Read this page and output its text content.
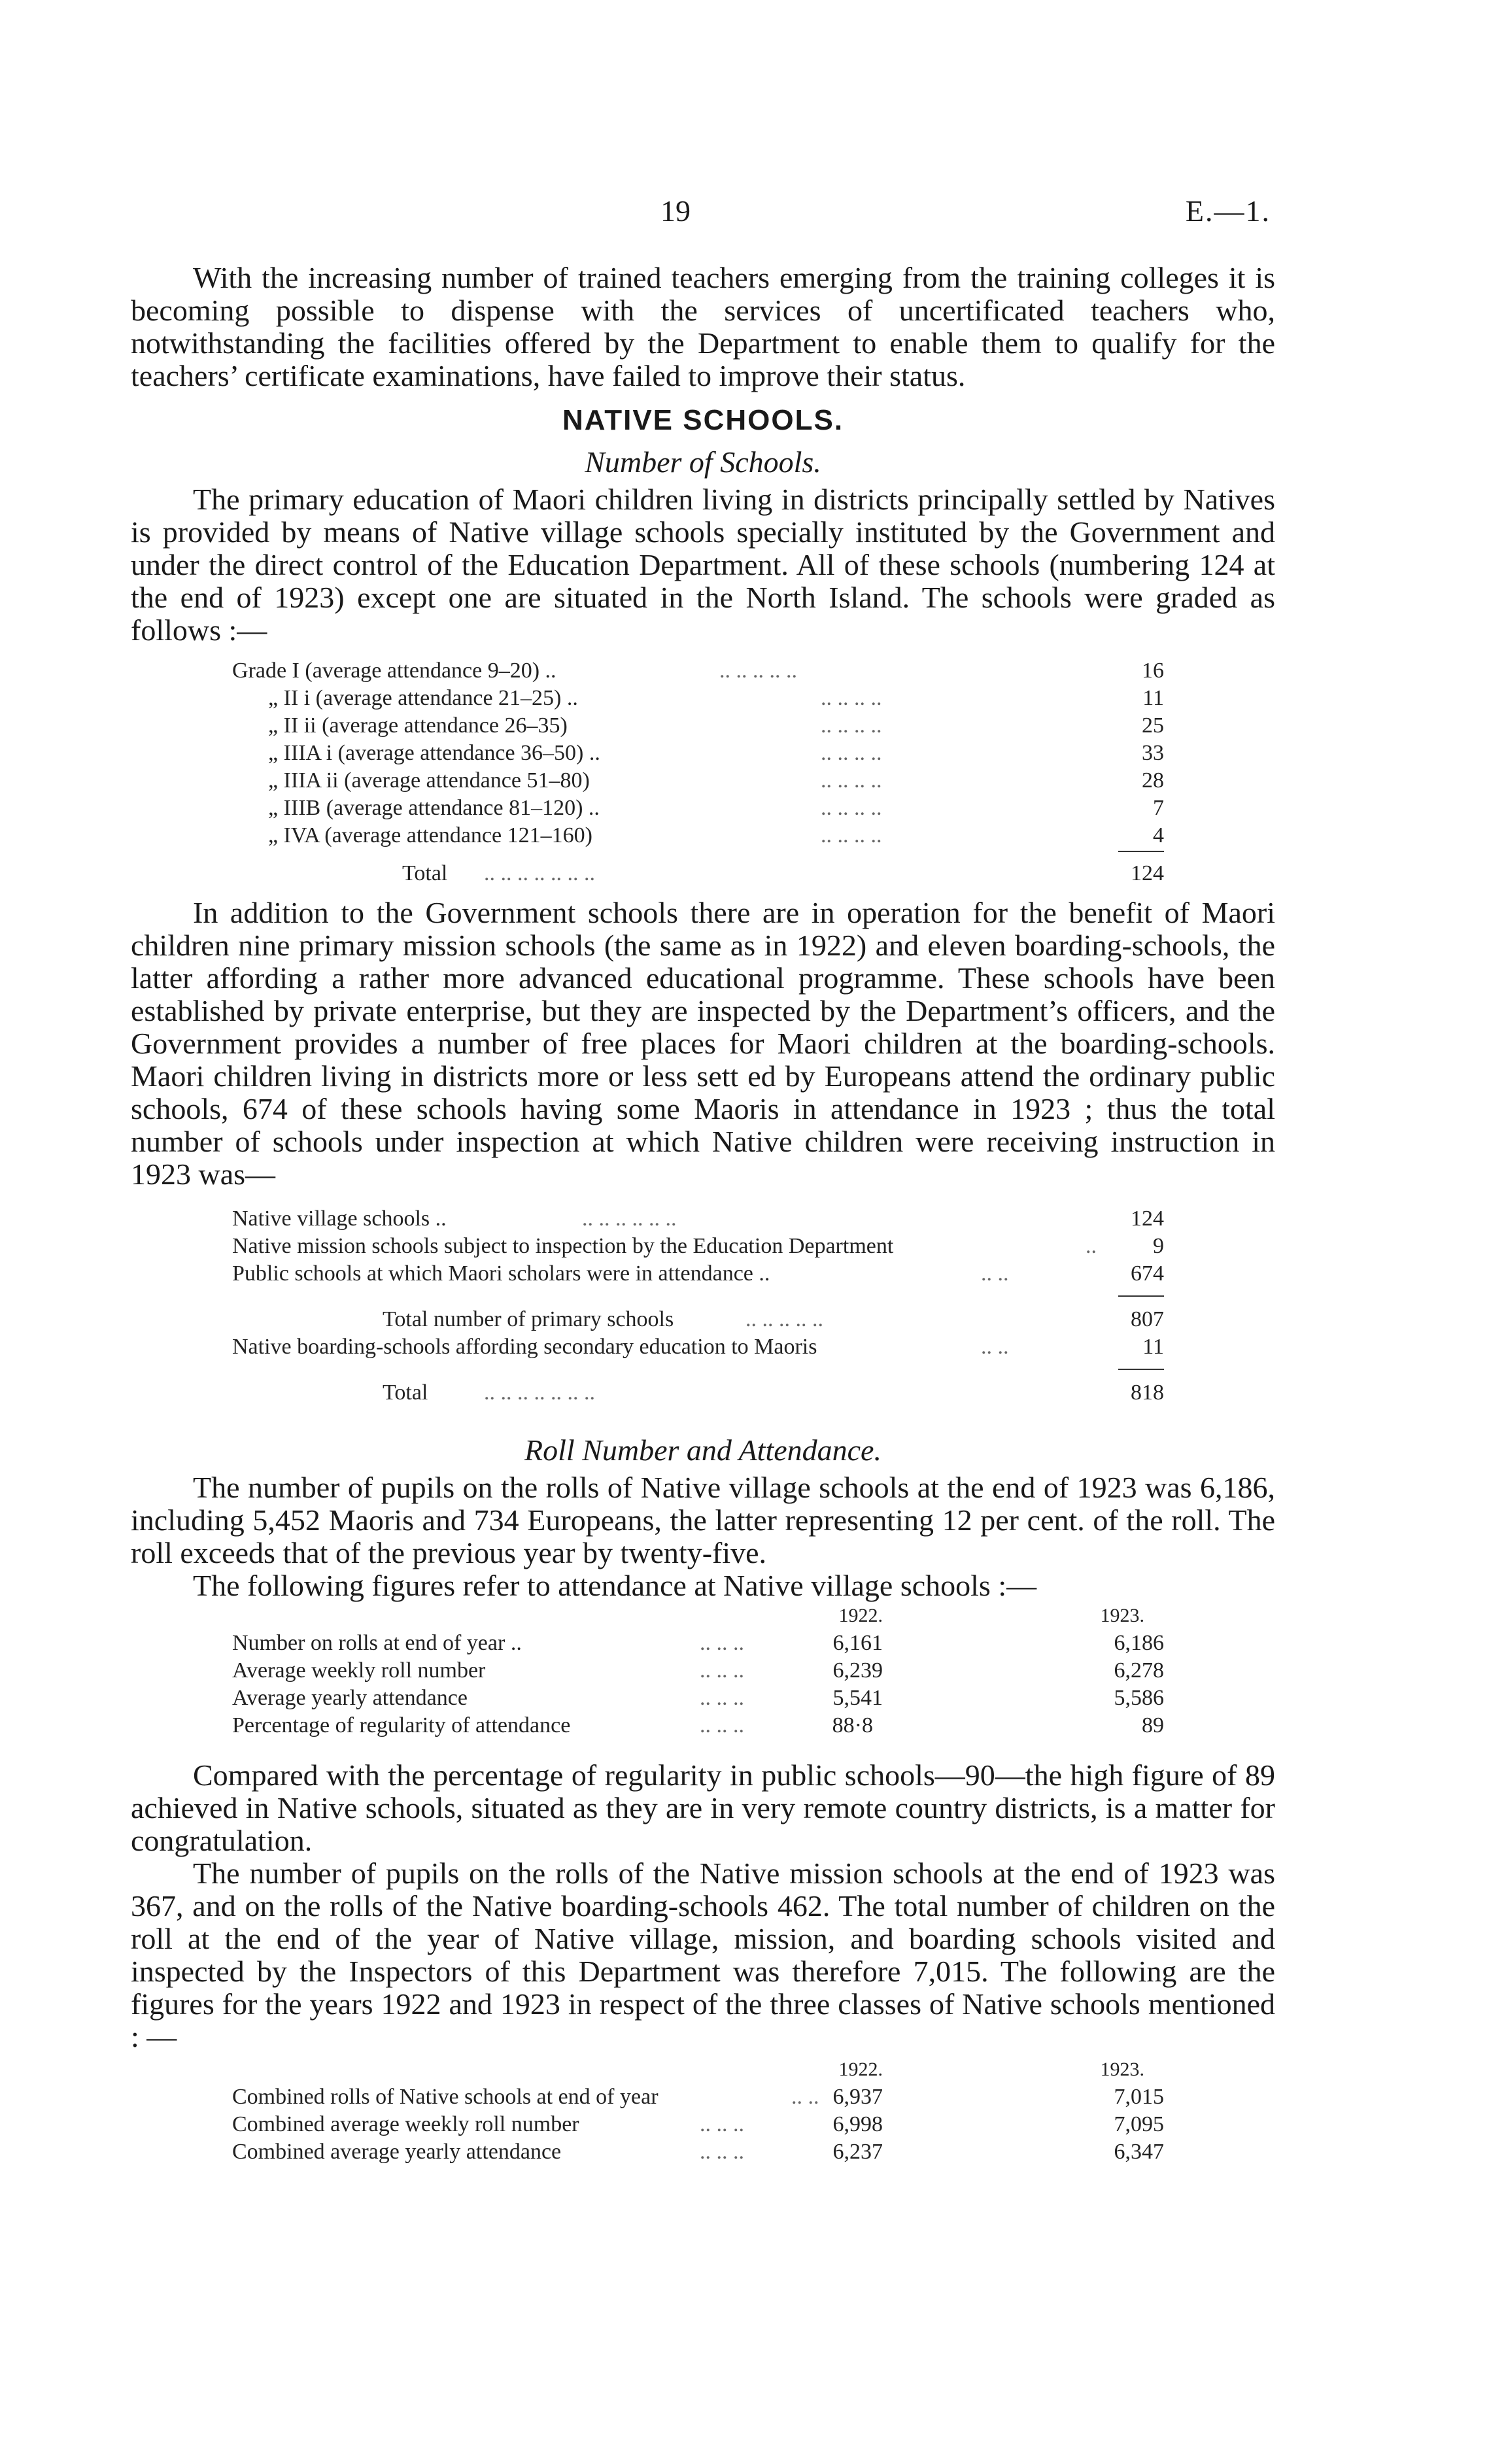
19	E.—1.

With the increasing number of trained teachers emerging from the training colleges it is becoming possible to dispense with the services of uncertificated teachers who, notwithstanding the facilities offered by the Department to enable them to qualify for the teachers’ certificate examinations, have failed to improve their status.

NATIVE SCHOOLS.
Number of Schools.

The primary education of Maori children living in districts principally settled by Natives is provided by means of Native village schools specially instituted by the Government and under the direct control of the Education Department. All of these schools (numbering 124 at the end of 1923) except one are situated in the North Island. The schools were graded as follows :—

Grade I (average attendance 9–20) ..	.. .. .. .. ..	16
„ II i (average attendance 21–25) ..	.. .. .. ..	11
„ II ii (average attendance 26–35)	.. .. .. ..	25
„ IIIA i (average attendance 36–50) ..	.. .. .. ..	33
„ IIIA ii (average attendance 51–80)	.. .. .. ..	28
„ IIIB (average attendance 81–120) ..	.. .. .. ..	7
„ IVA (average attendance 121–160)	.. .. .. ..	4
Total .. .. .. .. .. .. ..	124

In addition to the Government schools there are in operation for the benefit of Maori children nine primary mission schools (the same as in 1922) and eleven boarding-schools, the latter affording a rather more advanced educational programme. These schools have been established by private enterprise, but they are inspected by the Department’s officers, and the Government provides a number of free places for Maori children at the boarding-schools. Maori children living in districts more or less sett ed by Europeans attend the ordinary public schools, 674 of these schools having some Maoris in attendance in 1923 ; thus the total number of schools under inspection at which Native children were receiving instruction in 1923 was—

Native village schools ..	.. .. .. .. .. ..	124
Native mission schools subject to inspection by the Education Department	..	9
Public schools at which Maori scholars were in attendance ..	.. ..	674
Total number of primary schools	.. .. .. .. ..	807
Native boarding-schools affording secondary education to Maoris	.. ..	11
Total	.. .. .. .. .. .. ..	818
Roll Number and Attendance.

The number of pupils on the rolls of Native village schools at the end of 1923 was 6,186, including 5,452 Maoris and 734 Europeans, the latter representing 12 per cent. of the roll. The roll exceeds that of the previous year by twenty-five.

The following figures refer to attendance at Native village schools :—

1922.	1923.
Number on rolls at end of year ..	.. .. ..	6,161	6,186
Average weekly roll number	.. .. ..	6,239	6,278
Average yearly attendance	.. .. ..	5,541	5,586
Percentage of regularity of attendance	.. .. ..	88·8	89

Compared with the percentage of regularity in public schools—90—the high figure of 89 achieved in Native schools, situated as they are in very remote country districts, is a matter for congratulation.

The number of pupils on the rolls of the Native mission schools at the end of 1923 was 367, and on the rolls of the Native boarding-schools 462. The total number of children on the roll at the end of the year of Native village, mission, and boarding schools visited and inspected by the Inspectors of this Department was therefore 7,015. The following are the figures for the years 1922 and 1923 in respect of the three classes of Native schools mentioned : —

1922.	1923.
Combined rolls of Native schools at end of year	.. .. 6,937	7,015
Combined average weekly roll number	.. .. ..	6,998	7,095
Combined average yearly attendance	.. .. ..	6,237	6,347
